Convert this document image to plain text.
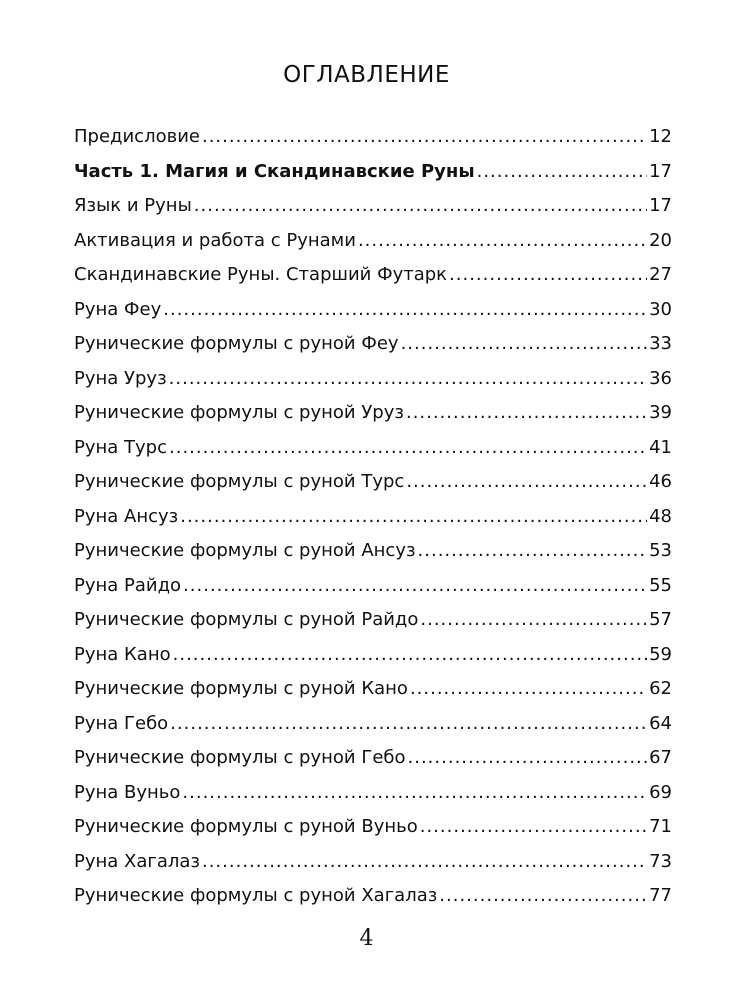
ОГЛАВЛЕНИЕ
Предисловие .....	12
Часть 1. Магия и Скандинавские Руны .....	17
Язык и Руны .....	17
Активация и работа с Рунами .....	20
Скандинавские Руны. Старший Футарк .....	27
Руна Феу .....	30
Рунические формулы с руной Феу .....	33
Руна Уруз .....	36
Рунические формулы с руной Уруз .....	39
Руна Турс .....	41
Рунические формулы с руной Турс .....	46
Руна Ансуз .....	48
Рунические формулы с руной Ансуз .....	53
Руна Райдо .....	55
Рунические формулы с руной Райдо .....	57
Руна Кано .....	59
Рунические формулы с руной Кано .....	62
Руна Гебо .....	64
Рунические формулы с руной Гебо .....	67
Руна Вуньо .....	69
Рунические формулы с руной Вуньо .....	71
Руна Хагалаз .....	73
Рунические формулы с руной Хагалаз .....	77
4
